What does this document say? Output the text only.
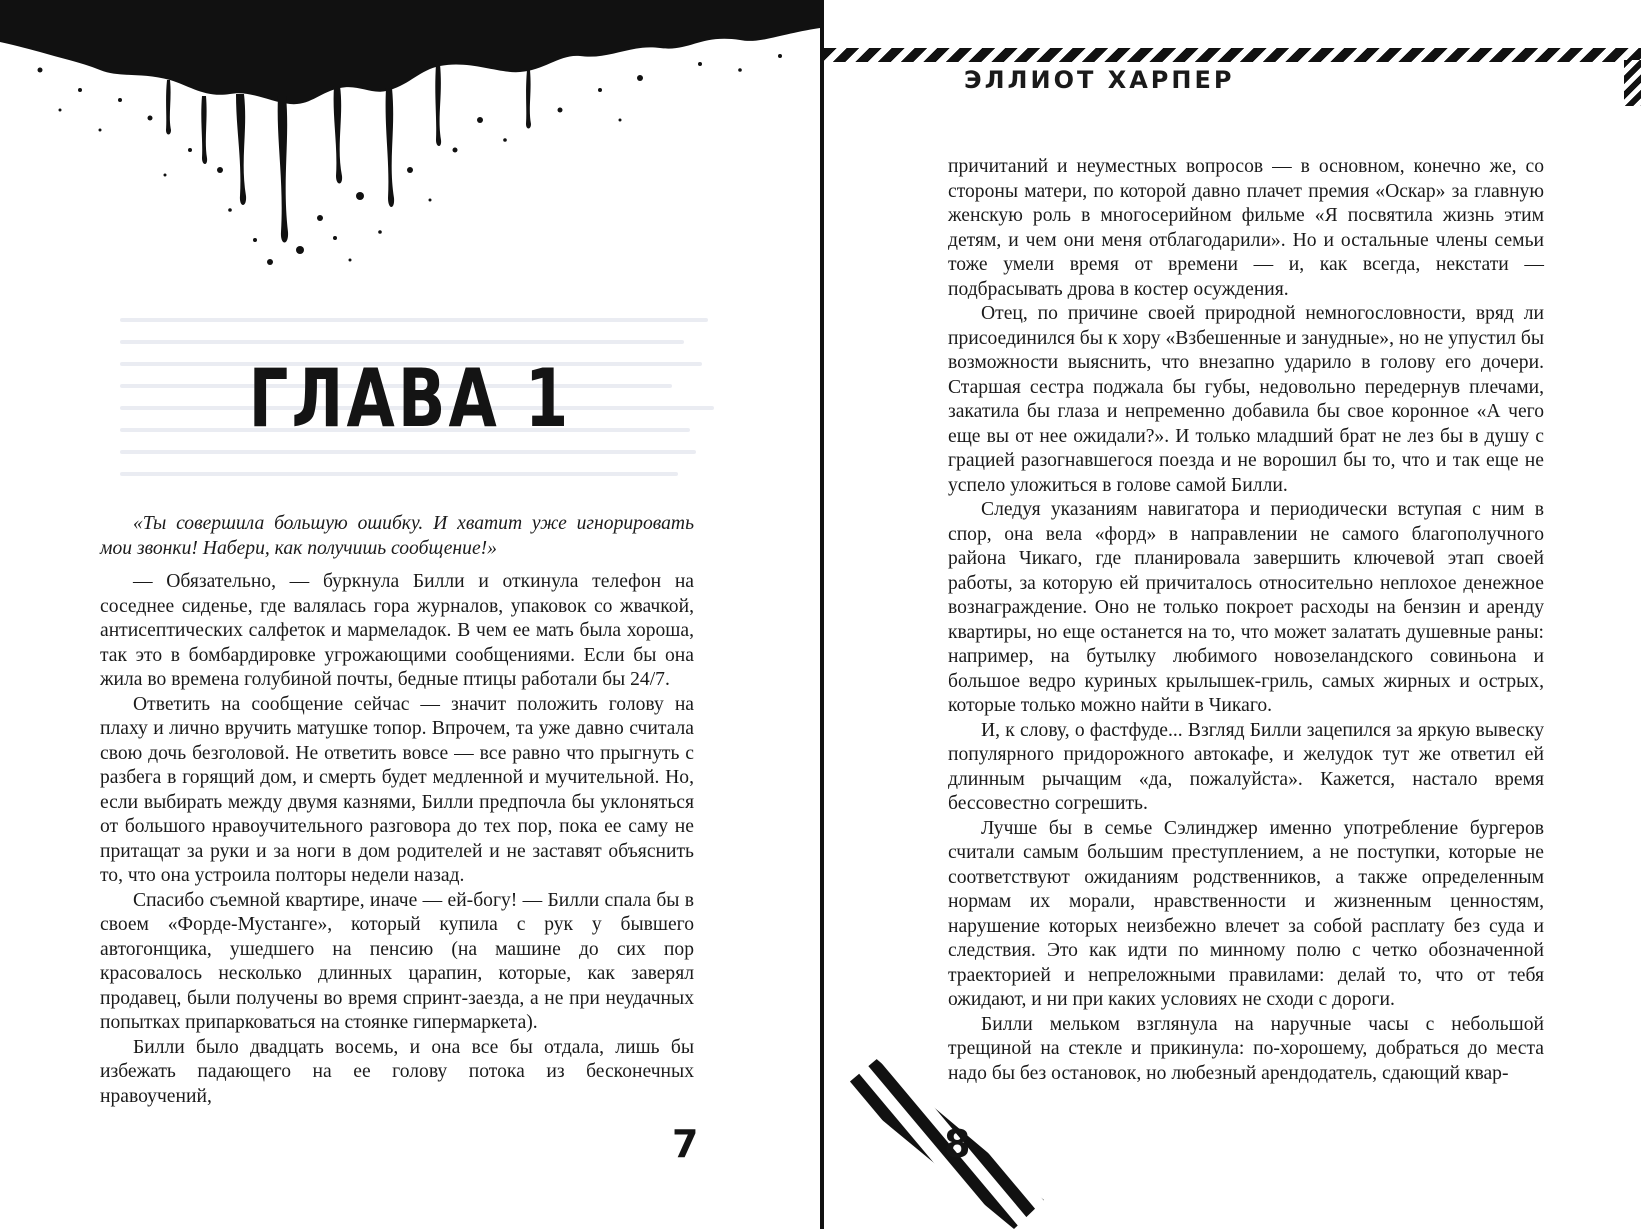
ГЛАВА 1

«Ты совершила большую ошибку. И хватит уже игнорировать мои звонки! Набери, как получишь сообщение!»

— Обязательно, — буркнула Билли и откинула телефон на соседнее сиденье, где валялась гора журналов, упаковок со жвачкой, антисептических салфеток и мармеладок. В чем ее мать была хороша, так это в бомбардировке угрожающими сообщениями. Если бы она жила во времена голубиной почты, бедные птицы работали бы 24/7.

Ответить на сообщение сейчас — значит положить голову на плаху и лично вручить матушке топор. Впрочем, та уже давно считала свою дочь безголовой. Не ответить вовсе — все равно что прыгнуть с разбега в горящий дом, и смерть будет медленной и мучительной. Но, если выбирать между двумя казнями, Билли предпочла бы уклоняться от большого нравоучительного разговора до тех пор, пока ее саму не притащат за руки и за ноги в дом родителей и не заставят объяснить то, что она устроила полторы недели назад.

Спасибо съемной квартире, иначе — ей-богу! — Билли спала бы в своем «Форде-Мустанге», который купила с рук у бывшего автогонщика, ушедшего на пенсию (на машине до сих пор красовалось несколько длинных царапин, которые, как заверял продавец, были получены во время спринт-заезда, а не при неудачных попытках припарковаться на стоянке гипермаркета).

Билли было двадцать восемь, и она все бы отдала, лишь бы избежать падающего на ее голову потока из бесконечных нравоучений,

7
ЭЛЛИОТ ХАРПЕР

причитаний и неуместных вопросов — в основном, конечно же, со стороны матери, по которой давно плачет премия «Оскар» за главную женскую роль в многосерийном фильме «Я посвятила жизнь этим детям, и чем они меня отблагодарили». Но и остальные члены семьи тоже умели время от времени — и, как всегда, некстати — подбрасывать дрова в костер осуждения.

Отец, по причине своей природной немногословности, вряд ли присоединился бы к хору «Взбешенные и занудные», но не упустил бы возможности выяснить, что внезапно ударило в голову его дочери. Старшая сестра поджала бы губы, недовольно передернув плечами, закатила бы глаза и непременно добавила бы свое коронное «А чего еще вы от нее ожидали?». И только младший брат не лез бы в душу с грацией разогнавшегося поезда и не ворошил бы то, что и так еще не успело уложиться в голове самой Билли.

Следуя указаниям навигатора и периодически вступая с ним в спор, она вела «форд» в направлении не самого благополучного района Чикаго, где планировала завершить ключевой этап своей работы, за которую ей причиталось относительно неплохое денежное вознаграждение. Оно не только покроет расходы на бензин и аренду квартиры, но еще останется на то, что может залатать душевные раны: например, на бутылку любимого новозеландского совиньона и большое ведро куриных крылышек-гриль, самых жирных и острых, которые только можно найти в Чикаго.

И, к слову, о фастфуде... Взгляд Билли зацепился за яркую вывеску популярного придорожного автокафе, и желудок тут же ответил ей длинным рычащим «да, пожалуйста». Кажется, настало время бессовестно согрешить.

Лучше бы в семье Сэлинджер именно употребление бургеров считали самым большим преступлением, а не поступки, которые не соответствуют ожиданиям родственников, а также определенным нормам их морали, нравственности и жизненным ценностям, нарушение которых неизбежно влечет за собой расплату без суда и следствия. Это как идти по минному полю с четко обозначенной траекторией и непреложными правилами: делай то, что от тебя ожидают, и ни при каких условиях не сходи с дороги.

Билли мельком взглянула на наручные часы с небольшой трещиной на стекле и прикинула: по-хорошему, добраться до места надо бы без остановок, но любезный арендодатель, сдающий квар-

8
